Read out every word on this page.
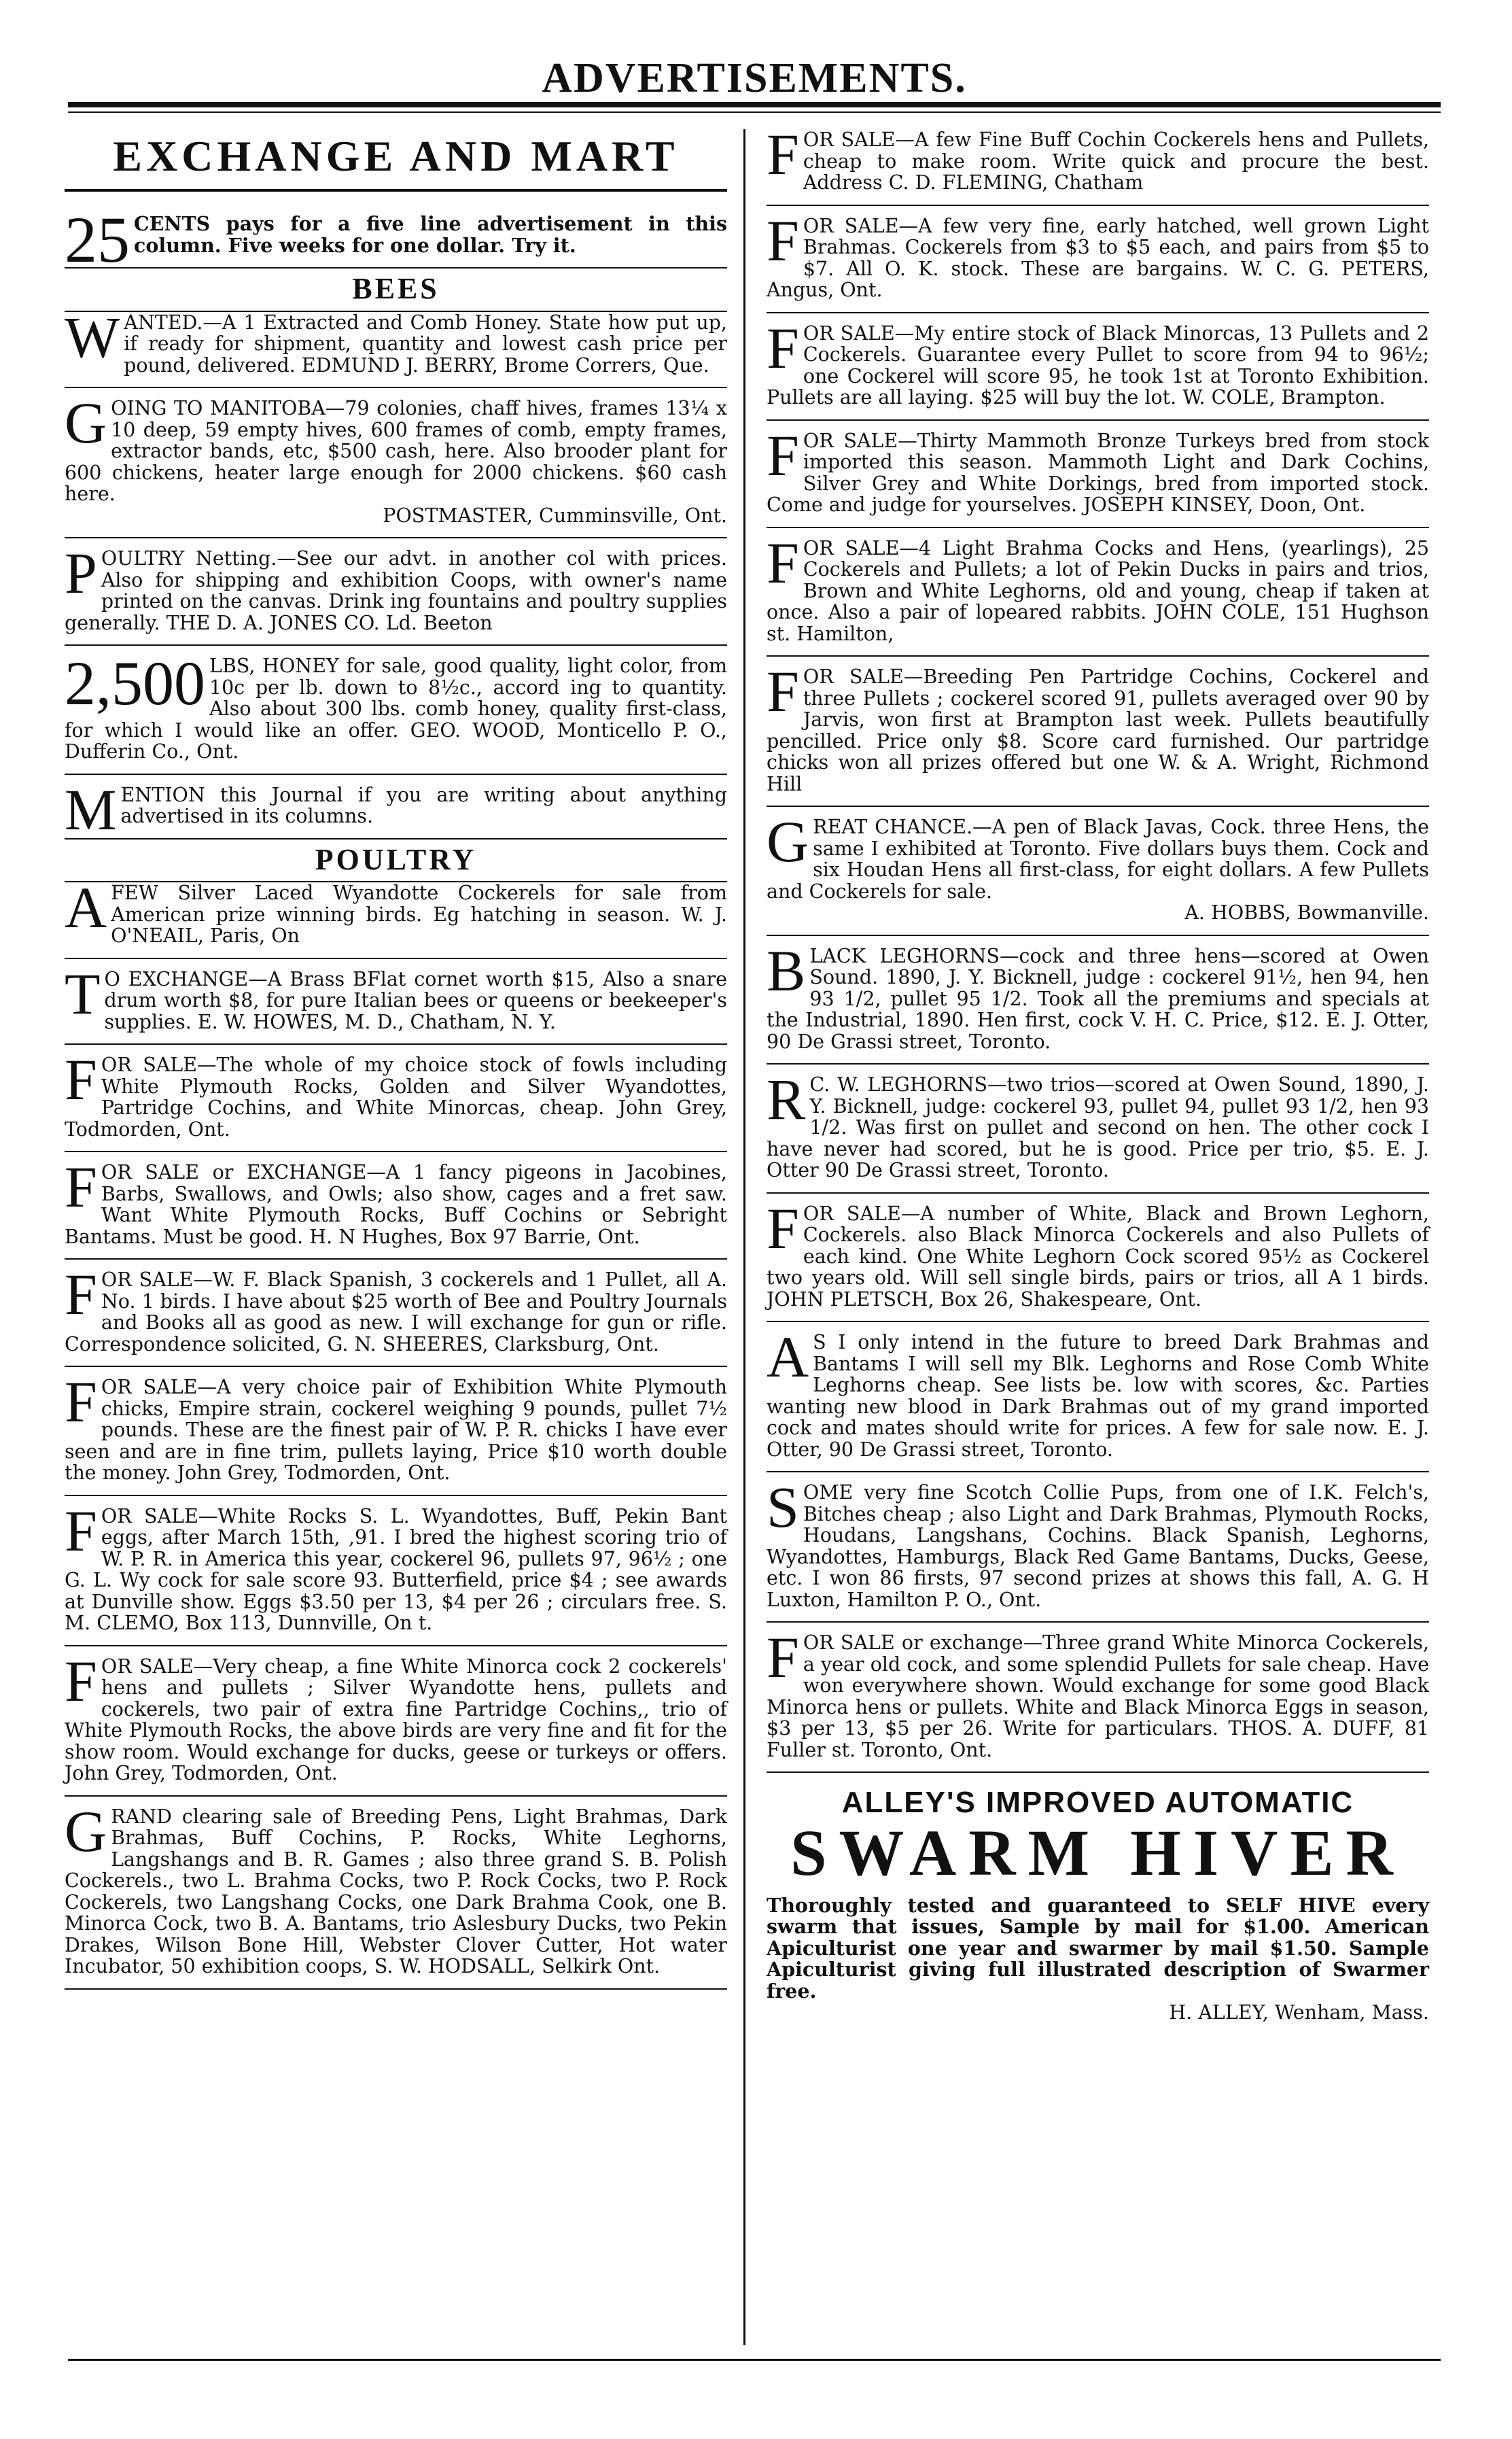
ADVERTISEMENTS.
EXCHANGE AND MART
25 CENTS pays for a five line advertisement in this column. Five weeks for one dollar. Try it.
BEES

WANTED.—A 1 Extracted and Comb Honey. State how put up, if ready for shipment, quantity and lowest cash price per pound, delivered. EDMUND J. BERRY, Brome Corrers, Que.

GOING TO MANITOBA—79 colonies, chaff hives, frames 13¼ x 10 deep, 59 empty hives, 600 frames of comb, empty frames, extractor bands, etc, $500 cash, here. Also brooder plant for 600 chickens, heater large enough for 2000 chickens. $60 cash here.
POSTMASTER, Cumminsville, Ont.

POULTRY Netting.—See our advt. in another col with prices. Also for shipping and exhibition Coops, with owner's name printed on the canvas. Drink ing fountains and poultry supplies generally. THE D. A. JONES CO. Ld. Beeton

2,500 LBS, HONEY for sale, good quality, light color, from 10c per lb. down to 8½c., accord ing to quantity. Also about 300 lbs. comb honey, quality first-class, for which I would like an offer. GEO. WOOD, Monticello P. O., Dufferin Co., Ont.

MENTION this Journal if you are writing about anything advertised in its columns.

POULTRY

AFEW Silver Laced Wyandotte Cockerels for sale from American prize winning birds. Eg hatching in season. W. J. O'NEAIL, Paris, On

T O EXCHANGE—A Brass BFlat cornet worth $15, Also a snare drum worth $8, for pure Italian bees or queens or beekeeper's supplies. E. W. HOWES, M. D., Chatham, N. Y.

FOR SALE—The whole of my choice stock of fowls including White Plymouth Rocks, Golden and Silver Wyandottes, Partridge Cochins, and White Minorcas, cheap. John Grey, Todmorden, Ont.

FOR SALE or EXCHANGE—A 1 fancy pigeons in Jacobines, Barbs, Swallows, and Owls; also show, cages and a fret saw. Want White Plymouth Rocks, Buff Cochins or Sebright Bantams. Must be good. H. N Hughes, Box 97 Barrie, Ont.

FOR SALE—W. F. Black Spanish, 3 cockerels and 1 Pullet, all A. No. 1 birds. I have about $25 worth of Bee and Poultry Journals and Books all as good as new. I will exchange for gun or rifle. Correspondence solicited, G. N. SHEERES, Clarksburg, Ont.

FOR SALE—A very choice pair of Exhibition White Plymouth chicks, Empire strain, cockerel weighing 9 pounds, pullet 7½ pounds. These are the finest pair of W. P. R. chicks I have ever seen and are in fine trim, pullets laying, Price $10 worth double the money. John Grey, Todmorden, Ont.

FOR SALE—White Rocks S. L. Wyandottes, Buff, Pekin Bant eggs, after March 15th, ,91. I bred the highest scoring trio of W. P. R. in America this year, cockerel 96, pullets 97, 96½ ; one G. L. Wy cock for sale score 93. Butterfield, price $4 ; see awards at Dunville show. Eggs $3.50 per 13, $4 per 26 ; circulars free. S. M. CLEMO, Box 113, Dunnville, On t.

FOR SALE—Very cheap, a fine White Minorca cock 2 cockerels' hens and pullets ; Silver Wyandotte hens, pullets and cockerels, two pair of extra fine Partridge Cochins,, trio of White Plymouth Rocks, the above birds are very fine and fit for the show room. Would exchange for ducks, geese or turkeys or offers. John Grey, Todmorden, Ont.

GRAND clearing sale of Breeding Pens, Light Brahmas, Dark Brahmas, Buff Cochins, P. Rocks, White Leghorns, Langshangs and B. R. Games ; also three grand S. B. Polish Cockerels., two L. Brahma Cocks, two P. Rock Cocks, two P. Rock Cockerels, two Langshang Cocks, one Dark Brahma Cook, one B. Minorca Cock, two B. A. Bantams, trio Aslesbury Ducks, two Pekin Drakes, Wilson Bone Hill, Webster Clover Cutter, Hot water Incubator, 50 exhibition coops, S. W. HODSALL, Selkirk Ont.

FOR SALE—A few Fine Buff Cochin Cockerels hens and Pullets, cheap to make room. Write quick and procure the best. Address C. D. FLEMING, Chatham

FOR SALE—A few very fine, early hatched, well grown Light Brahmas. Cockerels from $3 to $5 each, and pairs from $5 to $7. All O. K. stock. These are bargains. W. C. G. PETERS, Angus, Ont.

FOR SALE—My entire stock of Black Minorcas, 13 Pullets and 2 Cockerels. Guarantee every Pullet to score from 94 to 96½; one Cockerel will score 95, he took 1st at Toronto Exhibition. Pullets are all laying. $25 will buy the lot. W. COLE, Brampton.

FOR SALE—Thirty Mammoth Bronze Turkeys bred from stock imported this season. Mammoth Light and Dark Cochins, Silver Grey and White Dorkings, bred from imported stock. Come and judge for yourselves. JOSEPH KINSEY, Doon, Ont.

FOR SALE—4 Light Brahma Cocks and Hens, (yearlings), 25 Cockerels and Pullets; a lot of Pekin Ducks in pairs and trios, Brown and White Leghorns, old and young, cheap if taken at once. Also a pair of lopeared rabbits. JOHN COLE, 151 Hughson st. Hamilton,

FOR SALE—Breeding Pen Partridge Cochins, Cockerel and three Pullets ; cockerel scored 91, pullets averaged over 90 by Jarvis, won first at Brampton last week. Pullets beautifully pencilled. Price only $8. Score card furnished. Our partridge chicks won all prizes offered but one W. & A. Wright, Richmond Hill

GREAT CHANCE.—A pen of Black Javas, Cock. three Hens, the same I exhibited at Toronto. Five dollars buys them. Cock and six Houdan Hens all first-class, for eight dollars. A few Pullets and Cockerels for sale.
A. HOBBS, Bowmanville.

BLACK LEGHORNS—cock and three hens—scored at Owen Sound. 1890, J. Y. Bicknell, judge : cockerel 91½, hen 94, hen 93 1/2, pullet 95 1/2. Took all the premiums and specials at the Industrial, 1890. Hen first, cock V. H. C. Price, $12. E. J. Otter, 90 De Grassi street, Toronto.

R C. W. LEGHORNS—two trios—scored at Owen Sound, 1890, J. Y. Bicknell, judge: cockerel 93, pullet 94, pullet 93 1/2, hen 93 1/2. Was first on pullet and second on hen. The other cock I have never had scored, but he is good. Price per trio, $5. E. J. Otter 90 De Grassi street, Toronto.

FOR SALE—A number of White, Black and Brown Leghorn, Cockerels. also Black Minorca Cockerels and also Pullets of each kind. One White Leghorn Cock scored 95½ as Cockerel two years old. Will sell single birds, pairs or trios, all A 1 birds. JOHN PLETSCH, Box 26, Shakespeare, Ont.

A S I only intend in the future to breed Dark Brahmas and Bantams I will sell my Blk. Leghorns and Rose Comb White Leghorns cheap. See lists be. low with scores, &c. Parties wanting new blood in Dark Brahmas out of my grand imported cock and mates should write for prices. A few for sale now. E. J. Otter, 90 De Grassi street, Toronto.

SOME very fine Scotch Collie Pups, from one of I.K. Felch's, Bitches cheap ; also Light and Dark Brahmas, Plymouth Rocks, Houdans, Langshans, Cochins. Black Spanish, Leghorns, Wyandottes, Hamburgs, Black Red Game Bantams, Ducks, Geese, etc. I won 86 firsts, 97 second prizes at shows this fall, A. G. H Luxton, Hamilton P. O., Ont.

FOR SALE or exchange—Three grand White Minorca Cockerels, a year old cock, and some splendid Pullets for sale cheap. Have won everywhere shown. Would exchange for some good Black Minorca hens or pullets. White and Black Minorca Eggs in season, $3 per 13, $5 per 26. Write for particulars. THOS. A. DUFF, 81 Fuller st. Toronto, Ont.

ALLEY'S IMPROVED AUTOMATIC
SWARM HIVER

Thoroughly tested and guaranteed to SELF HIVE every swarm that issues, Sample by mail for $1.00. American Apiculturist one year and swarmer by mail $1.50. Sample Apiculturist giving full illustrated description of Swarmer free.

H. ALLEY, Wenham, Mass.
